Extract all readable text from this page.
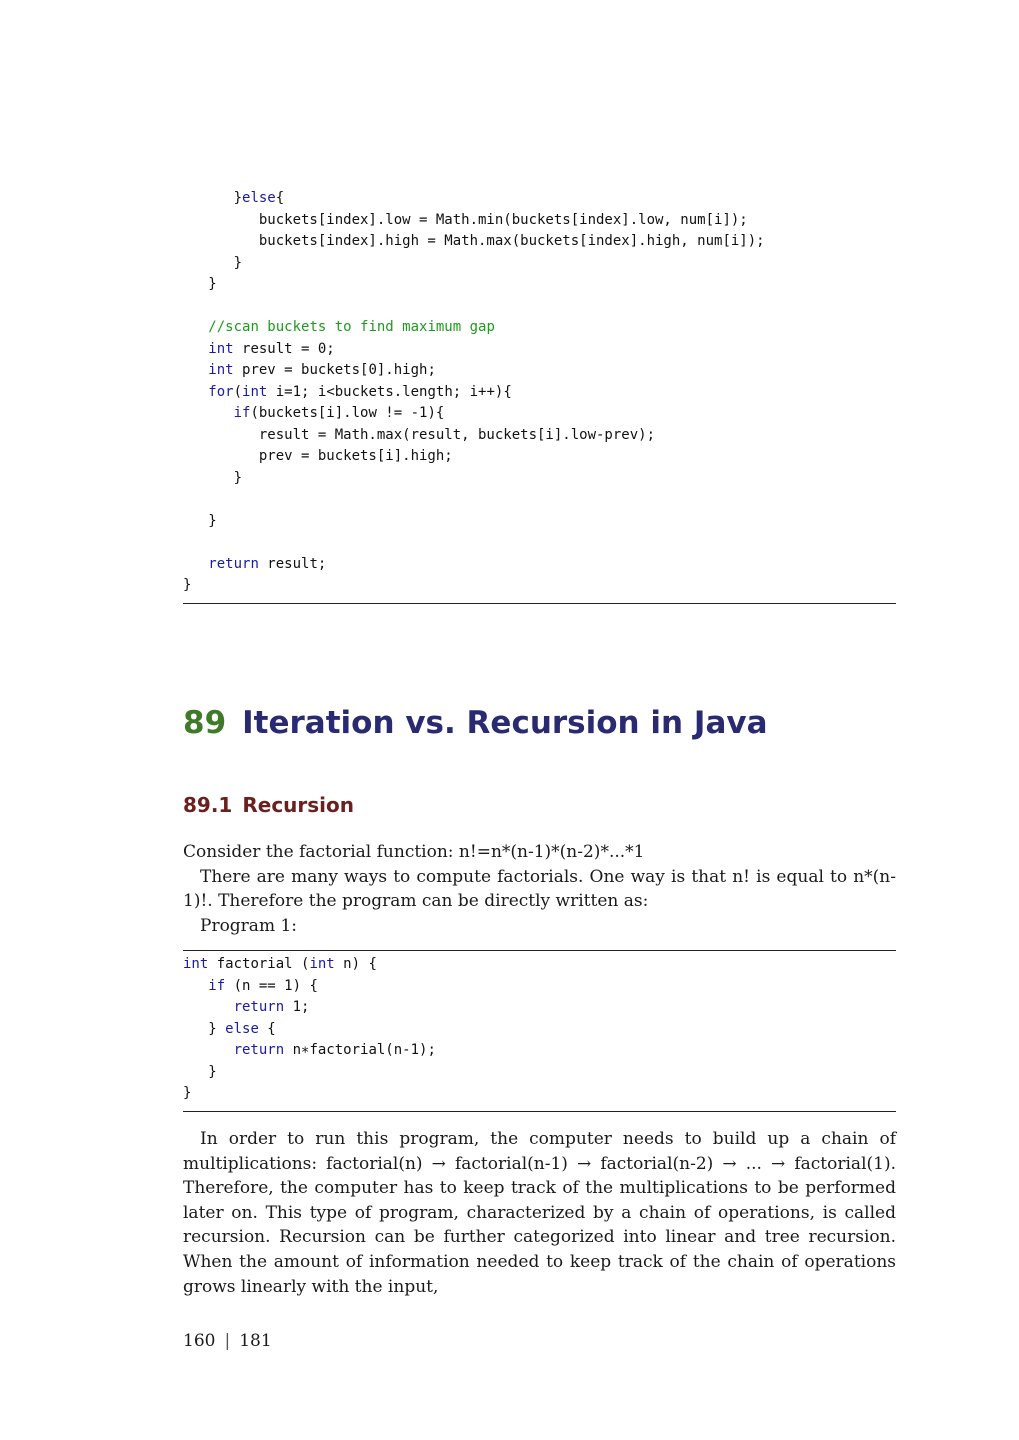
}else{
buckets[index].low = Math.min(buckets[index].low, num[i]);
buckets[index].high = Math.max(buckets[index].high, num[i]);
}
}
//scan buckets to find maximum gap
int result = 0;
int prev = buckets[0].high;
for(int i=1; i<buckets.length; i++){
if(buckets[i].low != -1){
result = Math.max(result, buckets[i].low-prev);
prev = buckets[i].high;
}
}
return result;
}
89 Iteration vs. Recursion in Java
89.1 Recursion
Consider the factorial function: n!=n*(n-1)*(n-2)*...*1
There are many ways to compute factorials. One way is that n! is equal to n*(n-1)!. Therefore the program can be directly written as:
Program 1:
int factorial (int n) {
if (n == 1) {
return 1;
} else {
return n∗factorial(n-1);
}
}
In order to run this program, the computer needs to build up a chain of multiplications: factorial(n) → factorial(n-1) → factorial(n-2) → ... → factorial(1). Therefore, the computer has to keep track of the multiplications to be performed later on. This type of program, characterized by a chain of operations, is called recursion. Recursion can be further categorized into linear and tree recursion. When the amount of information needed to keep track of the chain of operations grows linearly with the input,
160 | 181
